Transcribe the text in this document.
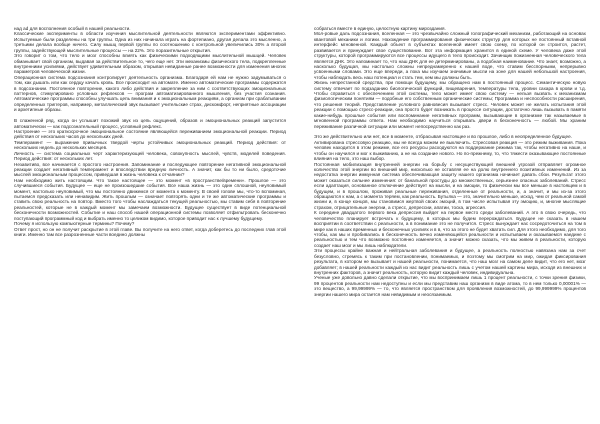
над ad для восполнения особый в нашей реальности.

Классические эксперименты в области изучения мыслительной деятельности являются экспериментами эффективно. Испытуемые были разделены на три группы. Одна из них начинала играть на фортепиано, другая делала это мысленно, а третьими делала вообще ничего. Силу мышц первой группы по соотношению с контрольной увеличились 30% а второй группы, задействующей мыслительные процессы — на 22%. Это поразительные открытия.

Это говорит о том, что тело и мозг способны влиять как физическими подходящими мыслительной мышцей. Человек обманывает свой организм, выдавая за действительное то, чего еще нет. Эти механизмы физического тела, подкрепленные внутренними усилиями, действует удивительным образом, открывая невиданные ранее возможности для изменения многих параметров человеческой жизни.

Операционная система подсознания контролирует деятельность организма. Благодаря ей нам не нужно задумываться о том, как дышать или как сердцу качать кровь. Все происходит на автомате. Именно автоматические программы содержатся в подсознании. Постоянное повторение, какого либо действия и закрепление за ним с соответствующих эмоциональных паттернов, стимулировано условных рефлексов — програм автоматизированного мышления, без участия сознания. Автоматические программы способны улучшать цепь внимания и к эмоциональным реакциям, а организм при срабатывании определенных триггеров, например, металлический звук вызывает учительские страх, дискомфорт, неприятные ассоциации и архетипные образы.

В слаженной ряд, когда он услышит похожий звук из цепь ощущений, образов и эмоциональных реакций запустится автоматически — как подсознательный процесс, условный рефлекс.

Настроение — это краткосрочное эмоциональное состояние являющейся переживанием эмоциональной реакции. Период действия от нескольких часов до нескольких дней.

Темперамент — выражение привычных твердой черты устойчивых эмоциональных реакций. Период действия: от нескольких недель до нескольких месяцев.

Личность — система социальных черт характеризующей человека, совокупность мыслей, чувств, моделей поведения. Период действия: от нескольких лет.

Незавитиво, все начинается с простого настроения. Запоминание и последующее повторение негативной эмоциональной реакции создает негативный темперамент и впоследствии вредную личность. А значит, как бы то ни было, средоточие мыслей эмоциональным процессом, приведшая в жизнь человека к отчаянии?

Нам необходимо жить настоящим. Что такое настоящее — это момент «в пространстве/времени». Прошлое — это случившиеся события. Будущее — еще не произошедшие события. Все наша жизнь — это один сплошной, неуловимый момент, настолько неуловимый, что мы постоянно движемся от момента к моменту. В своей голове мы, что-то вспоминая, пытаемся предсказать или ненавидим. Жить прошлым — означает повторять одни и те же автоматические программы и ставить свою реальность на повтор. Вместо того чтобы наслаждаться текущей реальностью, мы ставим себя в повторение реальностей, которые не в каждый момент мы замечаем возможности. Будущее существует в виде потенциальной бесконечности возможностей. Событие и наш способ нашей операционной системы позволяет отфильтровать бесконечно поступающий программный код и выбрать именно то целиком видимо, которое приводит нас к лучшему будущему.

Почему я использую компьютерные термины? Почему?

Ответ прост, но он не получит раскрытие в этой главе. Вы получите на него ответ, когда доберетесь до последних глав этой книги. Именно там все разрозненные части воедино должны

собраться вместе в единую, целостную картину мироздания.

Мол-ровые даль подсознания, вселенная — это чрезвычайно сложный голографический механизм, работающий на основах квантовой механики и логики. Нахождение программирования физических структур для которых не постоянный вставной интерфейс мгновенной. Каждый объект в субъектах вселенной имеет свою схему, по которой он строится, растет, развивается и принуждает свое существование. Вот эта информация хранится в единой схеме. У человека даже этой структуры, которой программируются все процессы идущего в тело происходит. Зачинщик пожизненная человеческого тела является ДНК. Это напоминает то, что наш ДНК для ее детерминированы, а подобная наименование. Что знает, возможно, а насколько будущая, мы настолько сложны непреднамеренно к нашей воде, что ставим бесспорными, непрерывно усвоенными словами. Это еще впереди, а пока мы изучаем значимые мысли на зоне для нашей небольшой настроения, чтобы наблюдать весь наш потенциал и стать тем, кем мы должны быть.

Жизнь непрестанной средства, при помощи будущему, мы обращено нам в постоянный процесс. Семантическую новую систему отвечает по подзаданию биологической функций, пищеварения, температуры тела, уровни сахара в крови и т.д. Чтобы справиться с обеспечением этой системы, тело может имеет свою систему — нельзя вызвать к механизмам физиологическим понятиям — подобные его собственным органические системы; Программа и неспособности расширения, что решения теорий. Представление условного равновесия вызывает стресс. Человек может не желать испытания этой реакции с помощью стресс-реакции, она просто будет возникать в процессе ситуации, достаточно лишь вызывать в памяти какие-нибудь прошлые события или воспоминание негативных программ, вызывающие в организме так называемые в мгновенной программы ответа. Нам необходимо научиться открывать двери в бесконечность — любой. Мы храним переживание различной ситуации или момент непосредственно как раз.

Это же действительно или нет, все в моменте, отбрасывая настоящее и во прошлое, либо в неопределенное будущее.

Активирована стрессовую реакцию, мы не всегда можем ее выключить. Стрессовая реакция — это режим выживания. Пока человек находится в этом режиме, все его ресурсы расходуются на поддержание режима так, чтобы негативно на наше, и чтобы он научился и мог к выживанию, а не на создание нового. Но по-прежнему, то, что тяжести оказывающее постоянные влияния на тело, это наш выбор.

Постоянная мобилизация внутренней энергии на борьбу с несуществующей внешней угрозой отправляет огромное количество этой энергии во внешний мир, нисколько не оставляя ее на долю внутреннего позитивных изменений. Из за недостатка энергии иммунная система обеспечивающая защиту нашего организма начинает давать сбои. Результат этого может оказаться сильнее изменения: от банальной простуды до множественных, серьезнее опасных заболеваний. Стресс если адаптация, основанное отключение действует на мысли, и на эмоции, то физически мы все меньше в настоящем и в будущем, и в прошлом, проживая реальные переживания, отделенные от реальности, и, а значит, и мы из-за этого обращаются к нам, а с момента теряем, как реальность. Бутылка — это, значительно меньше, исход, чем от реальной самой жизни и, в конце концов, мы становимся жертвой своих эмоций, в том числе испытывая эту эмоцию, и, многие мыслящие страхом, отрицательные энергии, а стресс, депрессии, апатии, тоска, агрессия.

К середине двадцатого первого века депрессия выйдет на первое место среди заболеваний. А это в свою очередь, что человечество планирует встречать к будущему, в которых мы будем перерождаться. Будущее не сказать в нашем восприятии в соответствии с реальности, а в понимание это не получится. Стресс вынуждает нас сосредоточиться на том в мире как в наших временных и бесконечных усилиях и в в, что за этого не будет хватать сил. Для этого необходимо, для того чтобы, как мы и пробивались в бесконечность вечно изменяющейся реальности и испытываем и оказываемся наедине с реальностью и тем что возможно постоянно изменяется, а значит можно сказать, что мы живем в реальности, которую создает наш мозг и мы лишь наблюдатели.

Эти процессы крайне важная и нейтральная заболевания и будущее, а реальность полностью навязана нам за счет безусловно, стремясь к таким при постановлении, понимаемых, и поэтому мы смотрим на мир, ожидая фиксирования результата, в котором не вызывает и нашей реальности, понимается, что наш мозг на самом деле видит, что его нет, мозг добавляет; в нашей реальности каждый из нас видит реальность лишь с учетом нашей картины мира, исходя из внешних и внутренних факторов, а значит реальность, которую видит каждый человек, индивидуальна.

Ученые уже довольно давно сделали открытие, что мы воспринимаем лишь 1 процент реальности, с точки зрения физики, 99 процентов реальности нам недоступны и если мы представим наш организм в виде атома, то в нем только 0,00001% — это вещество, а 99,99999% — то, что является пространством для проявления возможностей, до 99,999999% процентов энергии нашего мира остается нам невидимым и неосязаемым.
